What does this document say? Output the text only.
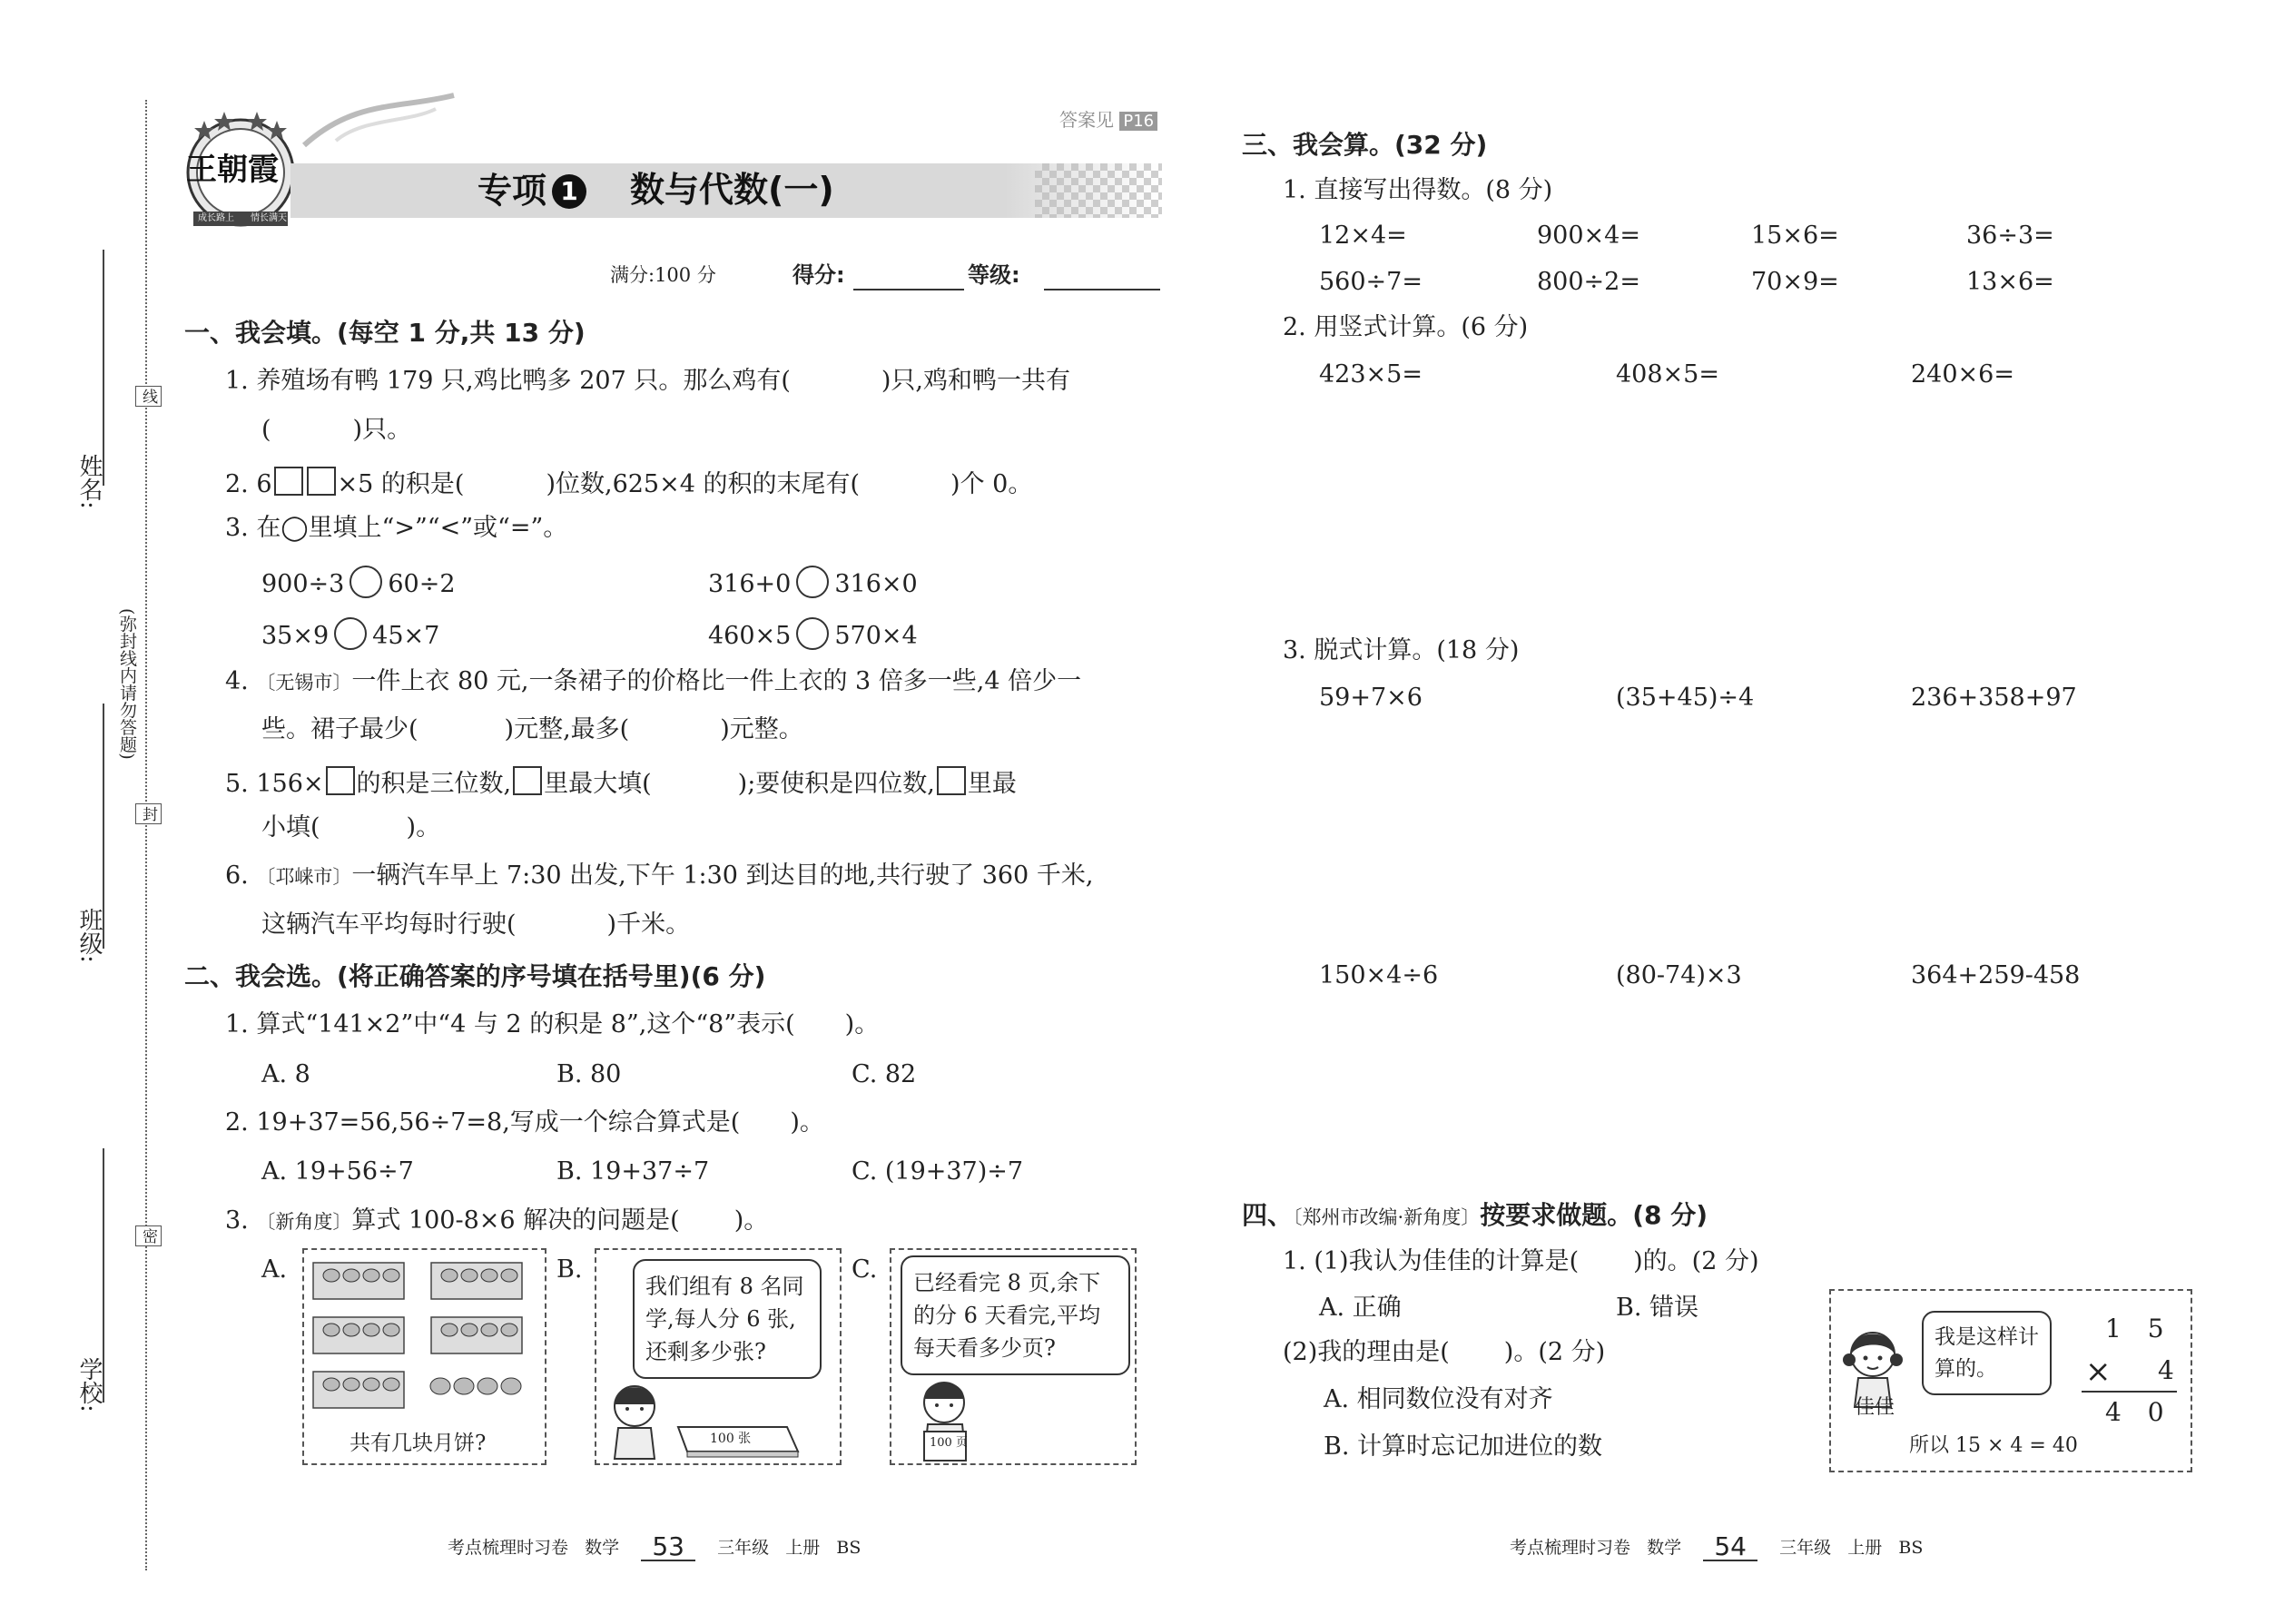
姓名:
班级:
学校:
(弥封线内请勿答题)
线
封
密
王朝霞
成长路上 情长满天
答案见 P16
专项 1 数与代数(一)
满分:100 分	得分:	等级:
一、我会填。(每空 1 分,共 13 分)
1. 养殖场有鸭 179 只,鸡比鸭多 207 只。那么鸡有(	)只,鸡和鸭一共有
(	)只。
2. 6	×5 的积是(	)位数,625×4 的积的末尾有(	)个 0。
3. 在◯里填上“>”“<”或“=”。
900÷3 60÷2	316+0 316×0
35×9 45×7	460×5 570×4
4. 〔无锡市〕一件上衣 80 元,一条裙子的价格比一件上衣的 3 倍多一些,4 倍少一
些。裙子最少(	)元整,最多(	)元整。
5. 156× 的积是三位数, 里最大填(	);要使积是四位数, 里最
小填(	)。
6. 〔邛崃市〕一辆汽车早上 7:30 出发,下午 1:30 到达目的地,共行驶了 360 千米,
这辆汽车平均每时行驶(	)千米。
二、我会选。(将正确答案的序号填在括号里)(6 分)
1. 算式“141×2”中“4 与 2 的积是 8”,这个“8”表示( )。
A. 8	B. 80	C. 82
2. 19+37=56,56÷7=8,写成一个综合算式是( )。
A. 19+56÷7	B. 19+37÷7	C. (19+37)÷7
3. 〔新角度〕算式 100-8×6 解决的问题是( )。
A.
共有几块月饼?
B.
我们组有 8 名同学,每人分 6 张,还剩多少张?
100 张
C.	已经看完 8 页,余下的分 6 天看完,平均每天看多少页?
100 页
考点梳理时习卷 数学 53 三年级 上册 BS
三、我会算。(32 分)
1. 直接写出得数。(8 分)
12×4=	900×4=	15×6=	36÷3=
560÷7=	800÷2=	70×9=	13×6=
2. 用竖式计算。(6 分)
423×5=	408×5=	240×6=
3. 脱式计算。(18 分)
59+7×6	(35+45)÷4	236+358+97
150×4÷6	(80-74)×3	364+259-458
四、〔郑州市改编·新角度〕按要求做题。(8 分)
1. (1)我认为佳佳的计算是( )的。(2 分)
A. 正确	B. 错误
(2)我的理由是( )。(2 分)
A. 相同数位没有对齐
B. 计算时忘记加进位的数
我是这样计算的。
佳佳
1 5
× 4
4 0
所以 15 × 4 = 40
考点梳理时习卷 数学 54 三年级 上册 BS
